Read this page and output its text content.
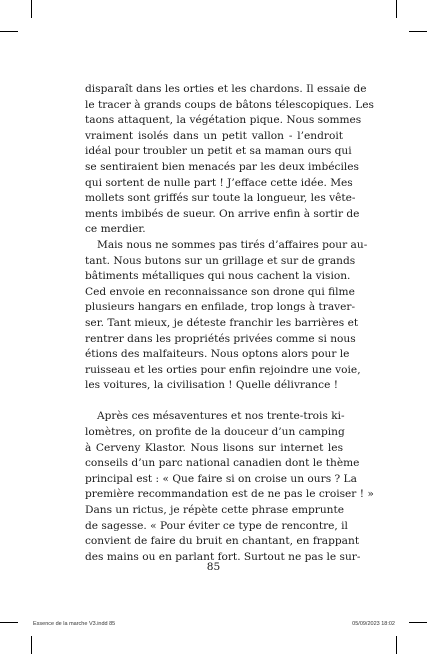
disparaît dans les orties et les chardons. Il essaie de
le tracer à grands coups de bâtons télescopiques. Les
taons attaquent, la végétation pique. Nous sommes
vraiment isolés dans un petit vallon - l’endroit
idéal pour troubler un petit et sa maman ours qui
se sentiraient bien menacés par les deux imbéciles
qui sortent de nulle part ! J’efface cette idée. Mes
mollets sont griffés sur toute la longueur, les vête-
ments imbibés de sueur. On arrive enfin à sortir de
ce merdier.
Mais nous ne sommes pas tirés d’affaires pour au-
tant. Nous butons sur un grillage et sur de grands
bâtiments métalliques qui nous cachent la vision.
Ced envoie en reconnaissance son drone qui filme
plusieurs hangars en enfilade, trop longs à traver-
ser. Tant mieux, je déteste franchir les barrières et
rentrer dans les propriétés privées comme si nous
étions des malfaiteurs. Nous optons alors pour le
ruisseau et les orties pour enfin rejoindre une voie,
les voitures, la civilisation ! Quelle délivrance !
Après ces mésaventures et nos trente-trois ki-
lomètres, on profite de la douceur d’un camping
à Cerveny Klastor. Nous lisons sur internet les
conseils d’un parc national canadien dont le thème
principal est : « Que faire si on croise un ours ? La
première recommandation est de ne pas le croiser ! »
Dans un rictus, je répète cette phrase emprunte
de sagesse. « Pour éviter ce type de rencontre, il
convient de faire du bruit en chantant, en frappant
des mains ou en parlant fort. Surtout ne pas le sur-
85
Essence de la marche V3.indd 85	05/09/2023 18:02
